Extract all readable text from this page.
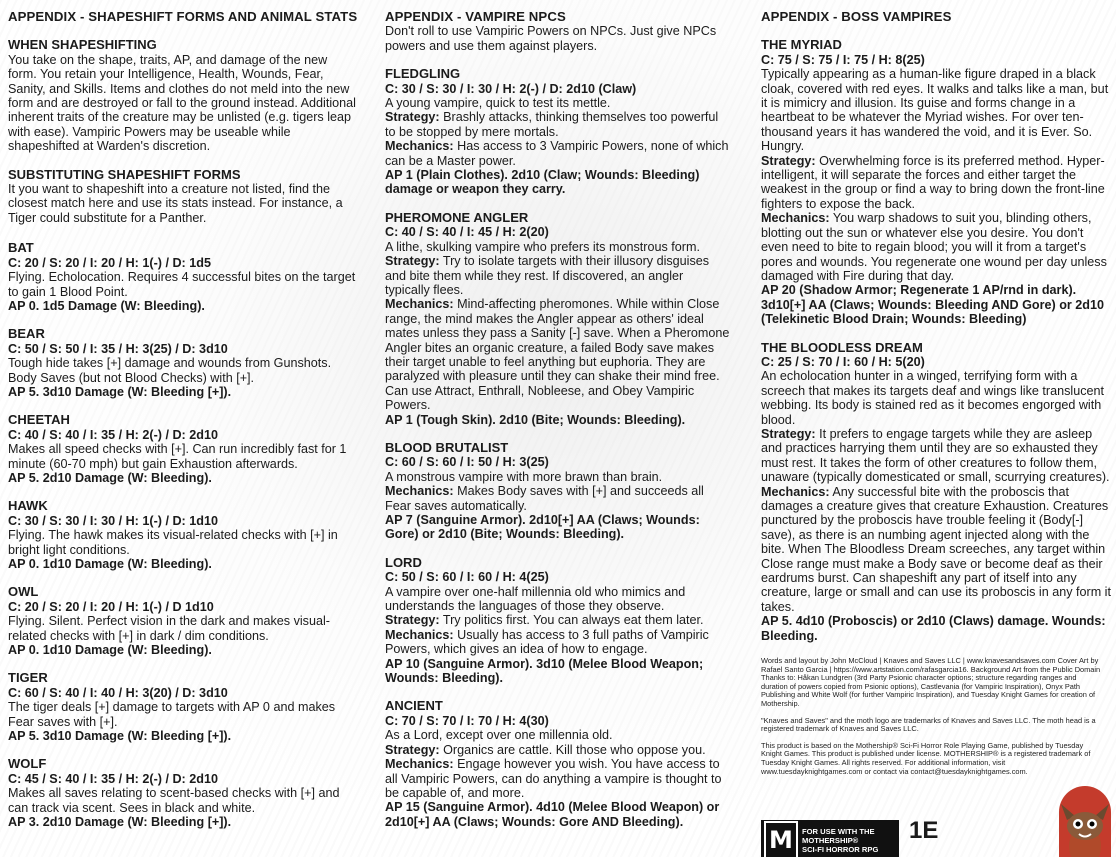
APPENDIX - SHAPESHIFT FORMS AND ANIMAL STATS
WHEN SHAPESHIFTING

You take on the shape, traits, AP, and damage of the new form. You retain your Intelligence, Health, Wounds, Fear, Sanity, and Skills. Items and clothes do not meld into the new form and are destroyed or fall to the ground instead. Additional inherent traits of the creature may be unlisted (e.g. tigers leap with ease). Vampiric Powers may be useable while shapeshifted at Warden's discretion.

SUBSTITUTING SHAPESHIFT FORMS

It you want to shapeshift into a creature not listed, find the closest match here and use its stats instead. For instance, a Tiger could substitute for a Panther.

BAT

C: 20 / S: 20 / I: 20 / H: 1(-) / D: 1d5

Flying. Echolocation. Requires 4 successful bites on the target to gain 1 Blood Point.

AP 0. 1d5 Damage (W: Bleeding).

BEAR

C: 50 / S: 50 / I: 35 / H: 3(25) / D: 3d10

Tough hide takes [+] damage and wounds from Gunshots. Body Saves (but not Blood Checks) with [+].

AP 5. 3d10 Damage (W: Bleeding [+]).

CHEETAH

C: 40 / S: 40 / I: 35 / H: 2(-) / D: 2d10

Makes all speed checks with [+]. Can run incredibly fast for 1 minute (60-70 mph) but gain Exhaustion afterwards.

AP 5. 2d10 Damage (W: Bleeding).

HAWK

C: 30 / S: 30 / I: 30 / H: 1(-) / D: 1d10

Flying. The hawk makes its visual-related checks with [+] in bright light conditions.

AP 0. 1d10 Damage (W: Bleeding).

OWL

C: 20 / S: 20 / I: 20 / H: 1(-) / D 1d10

Flying. Silent. Perfect vision in the dark and makes visual-related checks with [+] in dark / dim conditions.

AP 0. 1d10 Damage (W: Bleeding).

TIGER

C: 60 / S: 40 / I: 40 / H: 3(20) / D: 3d10

The tiger deals [+] damage to targets with AP 0 and makes Fear saves with [+].

AP 5. 3d10 Damage (W: Bleeding [+]).

WOLF

C: 45 / S: 40 / I: 35 / H: 2(-) / D: 2d10

Makes all saves relating to scent-based checks with [+] and can track via scent. Sees in black and white.

AP 3. 2d10 Damage (W: Bleeding [+]).

APPENDIX - VAMPIRE NPCS

Don't roll to use Vampiric Powers on NPCs. Just give NPCs powers and use them against players.

FLEDGLING

C: 30 / S: 30 / I: 30 / H: 2(-) / D: 2d10 (Claw)

A young vampire, quick to test its mettle.

Strategy: Brashly attacks, thinking themselves too powerful to be stopped by mere mortals.

Mechanics: Has access to 3 Vampiric Powers, none of which can be a Master power.

AP 1 (Plain Clothes). 2d10 (Claw; Wounds: Bleeding) damage or weapon they carry.

PHEROMONE ANGLER

C: 40 / S: 40 / I: 45 / H: 2(20)

A lithe, skulking vampire who prefers its monstrous form.

Strategy: Try to isolate targets with their illusory disguises and bite them while they rest. If discovered, an angler typically flees.

Mechanics: Mind-affecting pheromones. While within Close range, the mind makes the Angler appear as others' ideal mates unless they pass a Sanity [-] save. When a Pheromone Angler bites an organic creature, a failed Body save makes their target unable to feel anything but euphoria. They are paralyzed with pleasure until they can shake their mind free. Can use Attract, Enthrall, Nobleese, and Obey Vampiric Powers.

AP 1 (Tough Skin). 2d10 (Bite; Wounds: Bleeding).

BLOOD BRUTALIST

C: 60 / S: 60 / I: 50 / H: 3(25)

A monstrous vampire with more brawn than brain.

Mechanics: Makes Body saves with [+] and succeeds all Fear saves automatically.

AP 7 (Sanguine Armor). 2d10[+] AA (Claws; Wounds: Gore) or 2d10 (Bite; Wounds: Bleeding).

LORD

C: 50 / S: 60 / I: 60 / H: 4(25)

A vampire over one-half millennia old who mimics and understands the languages of those they observe.

Strategy: Try politics first. You can always eat them later.

Mechanics: Usually has access to 3 full paths of Vampiric Powers, which gives an idea of how to engage.

AP 10 (Sanguine Armor). 3d10 (Melee Blood Weapon; Wounds: Bleeding).

ANCIENT

C: 70 / S: 70 / I: 70 / H: 4(30)

As a Lord, except over one millennia old.

Strategy: Organics are cattle. Kill those who oppose you.

Mechanics: Engage however you wish. You have access to all Vampiric Powers, can do anything a vampire is thought to be capable of, and more.

AP 15 (Sanguine Armor). 4d10 (Melee Blood Weapon) or 2d10[+] AA (Claws; Wounds: Gore AND Bleeding).

APPENDIX - BOSS VAMPIRES
THE MYRIAD

C: 75 / S: 75 / I: 75 / H: 8(25)

Typically appearing as a human-like figure draped in a black cloak, covered with red eyes. It walks and talks like a man, but it is mimicry and illusion. Its guise and forms change in a heartbeat to be whatever the Myriad wishes. For over ten-thousand years it has wandered the void, and it is Ever. So. Hungry.

Strategy: Overwhelming force is its preferred method. Hyper-intelligent, it will separate the forces and either target the weakest in the group or find a way to bring down the front-line fighters to expose the back.

Mechanics: You warp shadows to suit you, blinding others, blotting out the sun or whatever else you desire. You don't even need to bite to regain blood; you will it from a target's pores and wounds. You regenerate one wound per day unless damaged with Fire during that day.

AP 20 (Shadow Armor; Regenerate 1 AP/rnd in dark). 3d10[+] AA (Claws; Wounds: Bleeding AND Gore) or 2d10 (Telekinetic Blood Drain; Wounds: Bleeding)

THE BLOODLESS DREAM

C: 25 / S: 70 / I: 60 / H: 5(20)

An echolocation hunter in a winged, terrifying form with a screech that makes its targets deaf and wings like translucent webbing. Its body is stained red as it becomes engorged with blood.

Strategy: It prefers to engage targets while they are asleep and practices harrying them until they are so exhausted they must rest. It takes the form of other creatures to follow them, unaware (typically domesticated or small, scurrying creatures).

Mechanics: Any successful bite with the proboscis that damages a creature gives that creature Exhaustion. Creatures punctured by the proboscis have trouble feeling it (Body[-] save), as there is an numbing agent injected along with the bite. When The Bloodless Dream screeches, any target within Close range must make a Body save or become deaf as their eardrums burst. Can shapeshift any part of itself into any creature, large or small and can use its proboscis in any form it takes.

AP 5. 4d10 (Proboscis) or 2d10 (Claws) damage. Wounds: Bleeding.

Words and layout by John McCloud | Knaves and Saves LLC | www.knavesandsaves.com Cover Art by Rafael Santo Garcia | https://www.artstation.com/rafasgarcia16. Background Art from the Public Domain Thanks to: Håkan Lundgren (3rd Party Psionic character options; structure regarding ranges and duration of powers copied from Psionic options), Castlevania (for Vampiric Inspiration), Onyx Path Publishing and White Wolf (for further Vampiric Inspiration), and Tuesday Knight Games for creation of Mothership.

"Knaves and Saves" and the moth logo are trademarks of Knaves and Saves LLC. The moth head is a registered trademark of Knaves and Saves LLC.

This product is based on the Mothership® Sci-Fi Horror Role Playing Game, published by Tuesday Knight Games. This product is published under license. MOTHERSHIP® is a registered trademark of Tuesday Knight Games. All rights reserved. For additional information, visit www.tuesdayknightgames.com or contact via contact@tuesdayknightgames.com.

M	FOR USE WITH THE
MOTHERSHIP®
SCI-FI HORROR RPG
1E
